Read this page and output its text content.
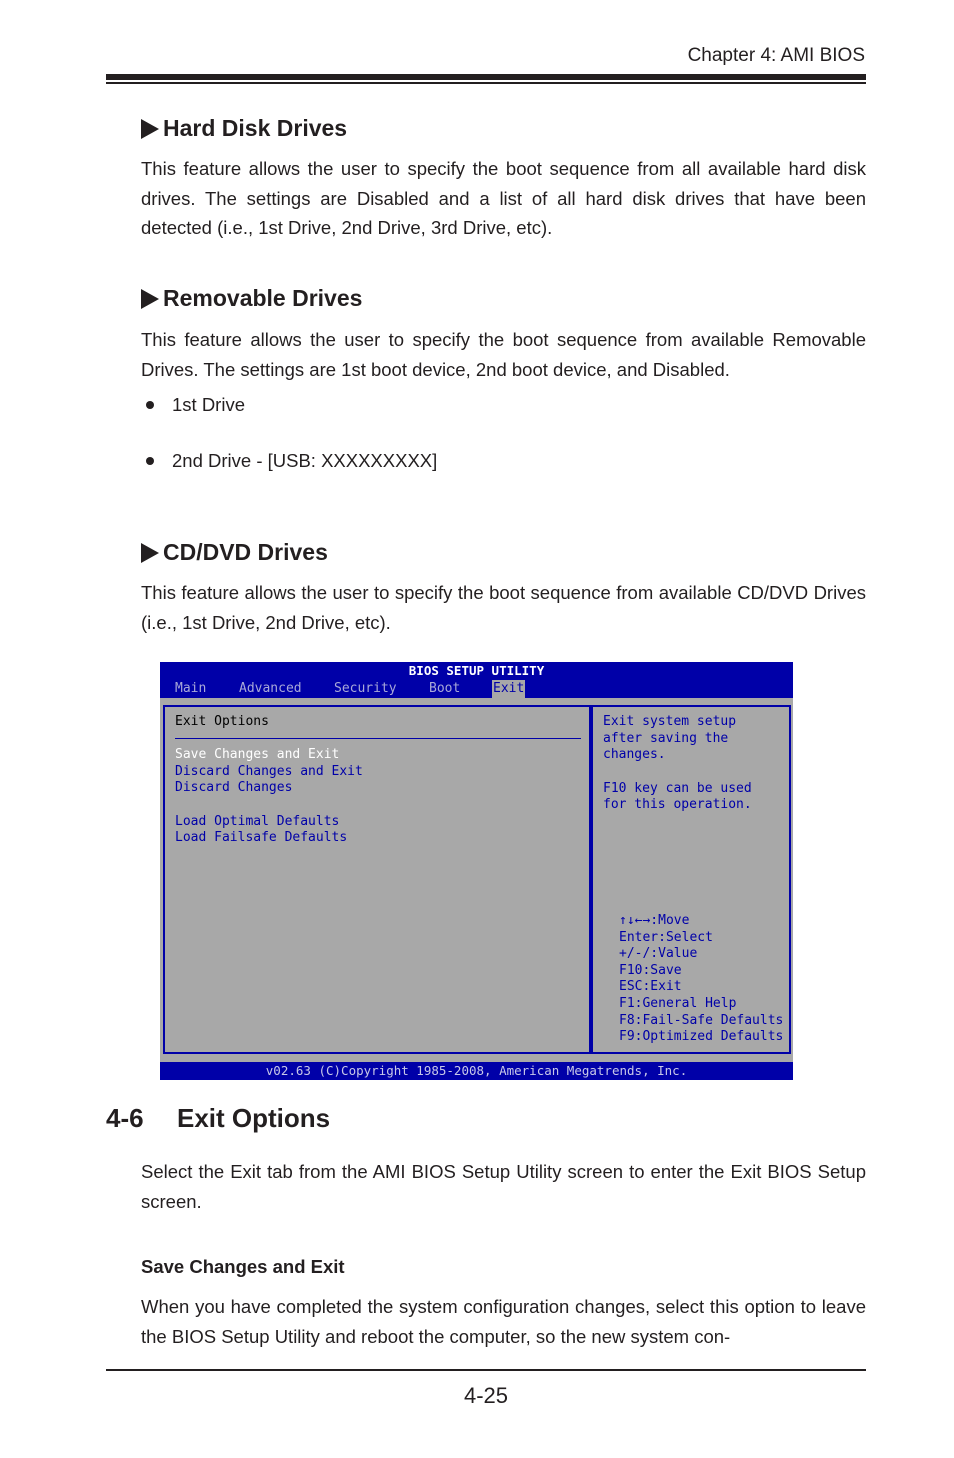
Chapter 4: AMI BIOS
Hard Disk Drives
This feature allows the user to specify the boot sequence from all available hard disk drives. The settings are Disabled and a list of all hard disk drives that have been detected (i.e., 1st Drive, 2nd Drive, 3rd Drive, etc).
Removable Drives
This feature allows the user to specify the boot sequence from available Removable Drives. The settings are 1st boot device, 2nd boot device, and Disabled.
1st Drive
2nd Drive - [USB: XXXXXXXXX]
CD/DVD Drives
This feature allows the user to specify the boot sequence from available CD/DVD Drives (i.e., 1st Drive, 2nd Drive, etc).
BIOS SETUP UTILITY
Main	Advanced Security Boot	Exit
Exit Options
Save Changes and Exit
Discard Changes and Exit
Discard Changes
Load Optimal Defaults
Load Failsafe Defaults
Exit system setup
after saving the
changes.
F10 key can be used
for this operation.
↑↓←→:Move
Enter:Select
+/-/:Value
F10:Save
ESC:Exit
F1:General Help
F8:Fail-Safe Defaults
F9:Optimized Defaults
v02.63 (C)Copyright 1985-2008, American Megatrends, Inc.
4-6 Exit Options
Select the Exit tab from the AMI BIOS Setup Utility screen to enter the Exit BIOS Setup screen.
Save Changes and Exit
When you have completed the system configuration changes, select this option to leave the BIOS Setup Utility and reboot the computer, so the new system con-
4-25
